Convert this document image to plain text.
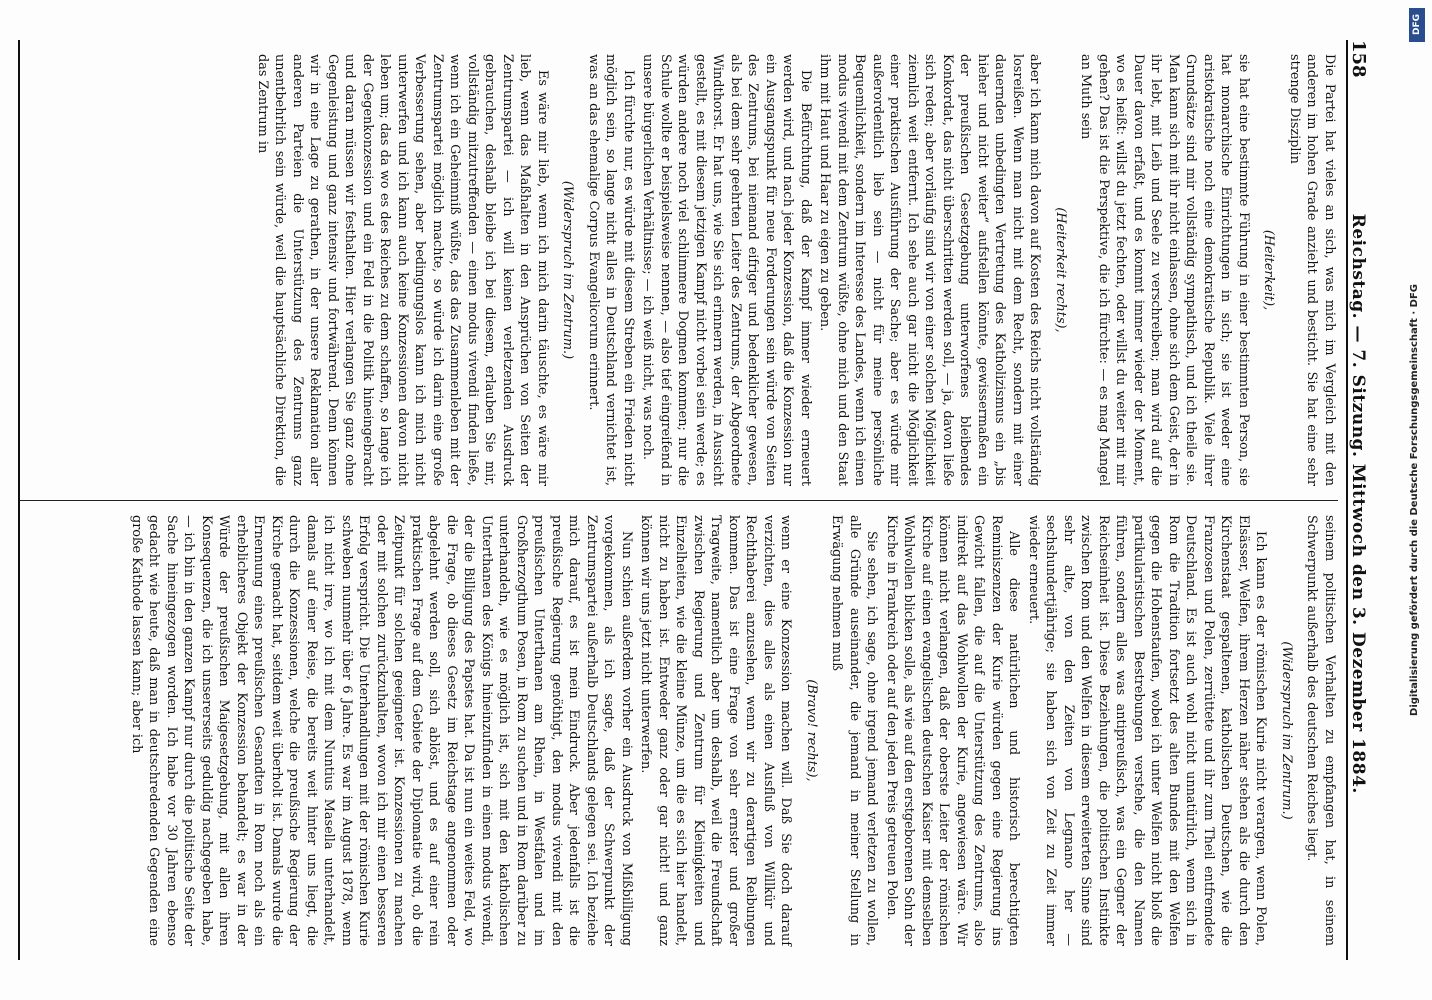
158
Reichstag. — 7. Sitzung. Mittwoch den 3. Dezember 1884.

Die Partei hat vieles an sich, was mich im Vergleich mit den anderen im hohen Grade anzieht und besticht. Sie hat eine sehr strenge Disziplin

(Heiterkeit),

sie hat eine bestimmte Führung in einer bestimmten Person, sie hat monarchische Einrichtungen in sich; sie ist weder eine aristokratische noch eine demokratische Republik. Viele ihrer Grundsätze sind mir vollständig sympathisch, und ich theile sie. Man kann sich mit ihr nicht einlassen, ohne sich dem Geist, der in ihr lebt, mit Leib und Seele zu verschreiben; man wird auf die Dauer davon erfaßt, und es kommt immer wieder der Moment, wo es heißt: willst du jetzt fechten, oder willst du weiter mit mir gehen? Das ist die Perspektive, die ich fürchte: — es mag Mangel an Muth sein

(Heiterkeit rechts),

aber ich kann mich davon auf Kosten des Reichs nicht vollständig losreißen. Wenn man nicht mit dem Recht, sondern mit einer dauernden unbedingten Vertretung des Katholizismus ein „bis hieher und nicht weiter“ aufstellen könnte, gewissermaßen ein der preußischen Gesetzgebung unterworfenes bleibendes Konkordat, das nicht überschritten werden soll, — ja, davon ließe sich reden; aber vorläufig sind wir von einer solchen Möglichkeit ziemlich weit entfernt. Ich sehe auch gar nicht die Möglichkeit einer praktischen Ausführung der Sache; aber es würde mir außerordentlich lieb sein — nicht für meine persönliche Bequemlichkeit, sondern im Interesse des Landes, wenn ich einen modus vivendi mit dem Zentrum wüßte, ohne mich und den Staat ihm mit Haut und Haar zu eigen zu geben.

Die Befürchtung, daß der Kampf immer wieder erneuert werden wird, und nach jeder Konzession, daß die Konzession nur ein Ausgangspunkt für neue Forderungen sein würde von Seiten des Zentrums, bei niemand eifriger und bedenklicher gewesen, als bei dem sehr geehrten Leiter des Zentrums, der Abgeordnete Windthorst. Er hat uns, wie Sie sich erinnern werden, in Aussicht gestellt, es mit diesem jetzigen Kampf nicht vorbei sein werde; es würden andere noch viel schlimmere Dogmen kommen; nur die Schule wollte er beispielsweise nennen, — also tief eingreifend in unsere bürgerlichen Verhältnisse; — ich weiß nicht, was noch.

Ich fürchte nur, es würde mit diesem Streben ein Frieden nicht möglich sein, so lange nicht alles in Deutschland vernichtet ist, was an das ehemalige Corpus Evangelicorum erinnert.

(Widerspruch im Zentrum.)

Es wäre mir lieb, wenn ich mich darin täuschte, es wäre mir lieb, wenn das Maßhalten in den Ansprüchen von Seiten der Zentrumspartei — ich will keinen verletzenden Ausdruck gebrauchen, deshalb bleibe ich bei diesem, erlauben Sie mir, vollständig mitzutreffenden — einen modus vivendi finden ließe, wenn ich ein Geheimniß wüßte, das das Zusammenleben mit der Zentrumspartei möglich machte, so würde ich darin eine große Verbesserung sehen, aber bedingungslos kann ich mich nicht unterwerfen und ich kann auch keine Konzessionen davon nicht leben um; das da wo es des Reiches zu dem schaffen, so lange ich der Gegenkonzession und ein Feld in die Politik hineingebracht und daran müssen wir festhalten. Hier verlangen Sie ganz ohne Gegenleistung und ganz intensiv und fortwährend. Denn können wir in eine Lage zu gerathen, in der unsere Reklamation aller anderen Parteien die Unterstützung des Zentrums ganz unentbehrlich sein würde, weil die hauptsächliche Direktion, die das Zentrum in

seinem politischen Verhalten zu empfangen hat, in seinem Schwerpunkt außerhalb des deutschen Reiches liegt.

(Widerspruch im Zentrum.)

Ich kann es der römischen Kurie nicht verargen, wenn Polen, Elsässer, Welfen, ihrem Herzen näher stehen als die durch den Kirchenstaat gespaltenen, katholischen Deutschen, wie die Franzosen und Polen, zerrüttete und ihr zum Theil entfremdete Deutschland. Es ist auch wohl nicht unnatürlich, wenn sich in Rom die Tradition fortsetzt des alten Bundes mit den Welfen gegen die Hohenstaufen, wobei ich unter Welfen nicht bloß die partikularistischen Bestrebungen verstehe, die den Namen führen, sondern alles was antipreußisch, was ein Gegner der Reichseinheit ist. Diese Beziehungen, die politischen Instinkte zwischen Rom und den Welfen in diesem erweiterten Sinne sind sehr alte, von den Zeiten von Legnano her — sechshundertjährige; sie haben sich von Zeit zu Zeit immer wieder erneuert.

Alle diese natürlichen und historisch berechtigten Reminiszenzen der Kurie würden gegen eine Regierung ins Gewicht fallen, die auf die Unterstützung des Zentrums, also indirekt auf das Wohlwollen der Kurie, angewiesen wäre. Wir können nicht verlangen, daß der oberste Leiter der römischen Kirche auf einen evangelischen deutschen Kaiser mit demselben Wohlwollen blicken solle, als wie auf den erstgeborenen Sohn der Kirche in Frankreich oder auf den jeden Preis getreuen Polen.

Sie sehen, ich sage, ohne irgend jemand verletzen zu wollen, alle Gründe auseinander, die jemand in meiner Stellung in Erwägung nehmen muß

(Bravo! rechts),

wenn er eine Konzession machen will. Daß Sie doch darauf verzichten, dies alles als einen Ausfluß von Willkür und Rechthaberei anzusehen, wenn wir zu derartigen Reibungen kommen. Das ist eine Frage von sehr ernster und großer Tragweite, namentlich aber um deshalb, weil die Freundschaft zwischen Regierung und Zentrum für Kleinigkeiten und Einzelheiten, wie die kleine Münze, um die es sich hier handelt, nicht zu haben ist. Entweder ganz oder gar nicht! und ganz können wir uns jetzt nicht unterwerfen.

Nun schien außerdem vorher ein Ausdruck von Mißbilligung vorgekommen, als ich sagte, daß der Schwerpunkt der Zentrumspartei außerhalb Deutschlands gelegen sei. Ich beziehe mich darauf, es ist mein Eindruck. Aber jedenfalls ist die preußische Regierung genöthigt, den modus vivendi mit den preußischen Unterthanen am Rhein, in Westfalen und im Großherzogthum Posen, in Rom zu suchen und in Rom darüber zu unterhandeln, wie es möglich ist, sich mit den katholischen Unterthanen des Königs hineinzufinden in einen modus vivendi, der die Billigung des Papstes hat. Da ist nun ein weites Feld, wo die Frage, ob dieses Gesetz im Reichstage angenommen oder abgelehnt werden soll, sich ablöst, und es auf einer rein praktischen Frage auf dem Gebiete der Diplomatie wird, ob die Zeitpunkt für solchen geeigneter ist. Konzessionen zu machen oder mit solchen zurückzuhalten, wovon ich mir einen besseren Erfolg verspricht. Die Unterhandlungen mit der römischen Kurie schweben nunmehr über 6 Jahre. Es war im August 1878, wenn ich nicht irre, wo ich mit dem Nuntius Masella unterhandelt, damals auf einer Reise, die bereits weit hinter uns liegt, die durch die Konzessionen, welche die preußische Regierung der Kirche gemacht hat, seitdem weit überholt ist. Damals wurde die Ernennung eines preußischen Gesandten in Rom noch als ein erheblicheres Objekt der Konzession behandelt; es war in der Würde der preußischen Maigesetzgebung, mit allen ihren Konsequenzen, die ich unsererseits geduldig nachgegeben habe, — ich bin in den ganzen Kampf nur durch die politische Seite der Sache hineingezogen worden. Ich habe vor 30 Jahren ebenso gedacht wie heute, daß man in deutschredenden Gegenden eine große Kathode lassen kann; aber ich

DFG
Digitalisierung gefördert durch die Deutsche Forschungsgemeinschaft · DFG
